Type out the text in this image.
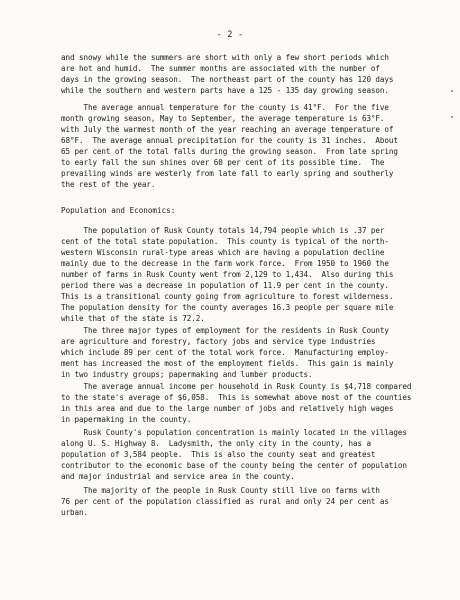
- 2 -
and snowy while the summers are short with only a few short periods which
are hot and humid.  The summer months are associated with the number of
days in the growing season.  The northeast part of the county has 120 days
while the southern and western parts have a 125 - 135 day growing season.
The average annual temperature for the county is 41°F.  For the five
month growing season, May to September, the average temperature is 63°F.
with July the warmest month of the year reaching an average temperature of
68°F.  The average annual precipitation for the county is 31 inches.  About
65 per cent of the total falls during the growing season.  From late spring
to early fall the sun shines over 60 per cent of its possible time.  The
prevailing winds are westerly from late fall to early spring and southerly
the rest of the year.
Population and Economics:
The population of Rusk County totals 14,794 people which is .37 per
cent of the total state population.  This county is typical of the north-
western Wisconsin rural-type areas which are having a population decline
mainly due to the decrease in the farm work force.  From 1950 to 1960 the
number of farms in Rusk County went from 2,129 to 1,434.  Also during this
period there was a decrease in population of 11.9 per cent in the county.
This is a transitional county going from agriculture to forest wilderness.
The population density for the county averages 16.3 people per square mile
while that of the state is 72.2.
The three major types of employment for the residents in Rusk County
are agriculture and forestry, factory jobs and service type industries
which include 89 per cent of the total work force.  Manufacturing employ-
ment has increased the most of the employment fields.  This gain is mainly
in two industry groups; papermaking and lumber products.
The average annual income per household in Rusk County is $4,718 compared
to the state's average of $6,058.  This is somewhat above most of the counties
in this area and due to the large number of jobs and relatively high wages
in papermaking in the county.
Rusk County's population concentration is mainly located in the villages
along U. S. Highway 8.  Ladysmith, the only city in the county, has a
population of 3,584 people.  This is also the county seat and greatest
contributor to the economic base of the county being the center of population
and major industrial and service area in the county.
The majority of the people in Rusk County still live on farms with
76 per cent of the population classified as rural and only 24 per cent as
urban.
